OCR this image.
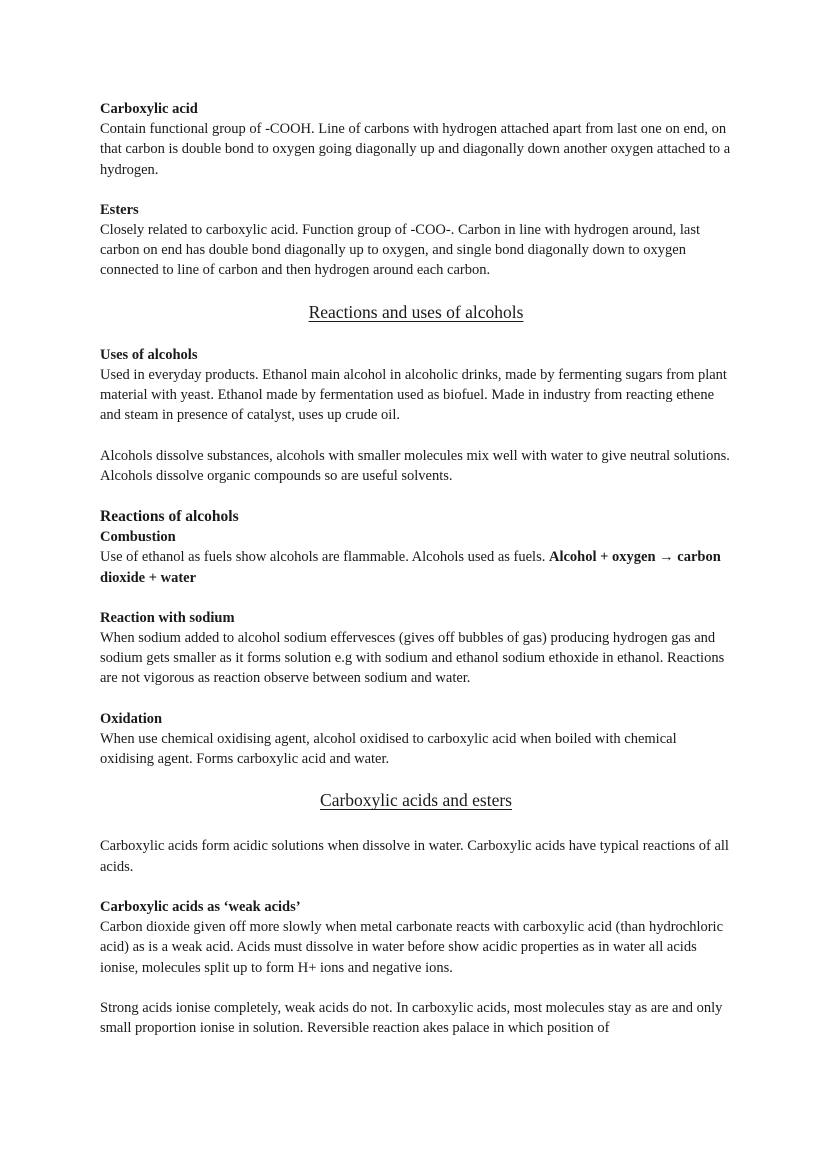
Carboxylic acid

Contain functional group of -COOH. Line of carbons with hydrogen attached apart from last one on end, on that carbon is double bond to oxygen going diagonally up and diagonally down another oxygen attached to a hydrogen.

Esters

Closely related to carboxylic acid. Function group of -COO-. Carbon in line with hydrogen around, last carbon on end has double bond diagonally up to oxygen, and single bond diagonally down to oxygen connected to line of carbon and then hydrogen around each carbon.

Reactions and uses of alcohols

Uses of alcohols

Used in everyday products. Ethanol main alcohol in alcoholic drinks, made by fermenting sugars from plant material with yeast. Ethanol made by fermentation used as biofuel. Made in industry from reacting ethene and steam in presence of catalyst, uses up crude oil.

Alcohols dissolve substances, alcohols with smaller molecules mix well with water to give neutral solutions. Alcohols dissolve organic compounds so are useful solvents.

Reactions of alcohols

Combustion

Use of ethanol as fuels show alcohols are flammable. Alcohols used as fuels. Alcohol + oxygen → carbon dioxide + water

Reaction with sodium

When sodium added to alcohol sodium effervesces (gives off bubbles of gas) producing hydrogen gas and sodium gets smaller as it forms solution e.g with sodium and ethanol sodium ethoxide in ethanol. Reactions are not vigorous as reaction observe between sodium and water.

Oxidation

When use chemical oxidising agent, alcohol oxidised to carboxylic acid when boiled with chemical oxidising agent. Forms carboxylic acid and water.

Carboxylic acids and esters

Carboxylic acids form acidic solutions when dissolve in water. Carboxylic acids have typical reactions of all acids.

Carboxylic acids as ‘weak acids’

Carbon dioxide given off more slowly when metal carbonate reacts with carboxylic acid (than hydrochloric acid) as is a weak acid. Acids must dissolve in water before show acidic properties as in water all acids ionise, molecules split up to form H+ ions and negative ions.

Strong acids ionise completely, weak acids do not. In carboxylic acids, most molecules stay as are and only small proportion ionise in solution. Reversible reaction akes palace in which position of
